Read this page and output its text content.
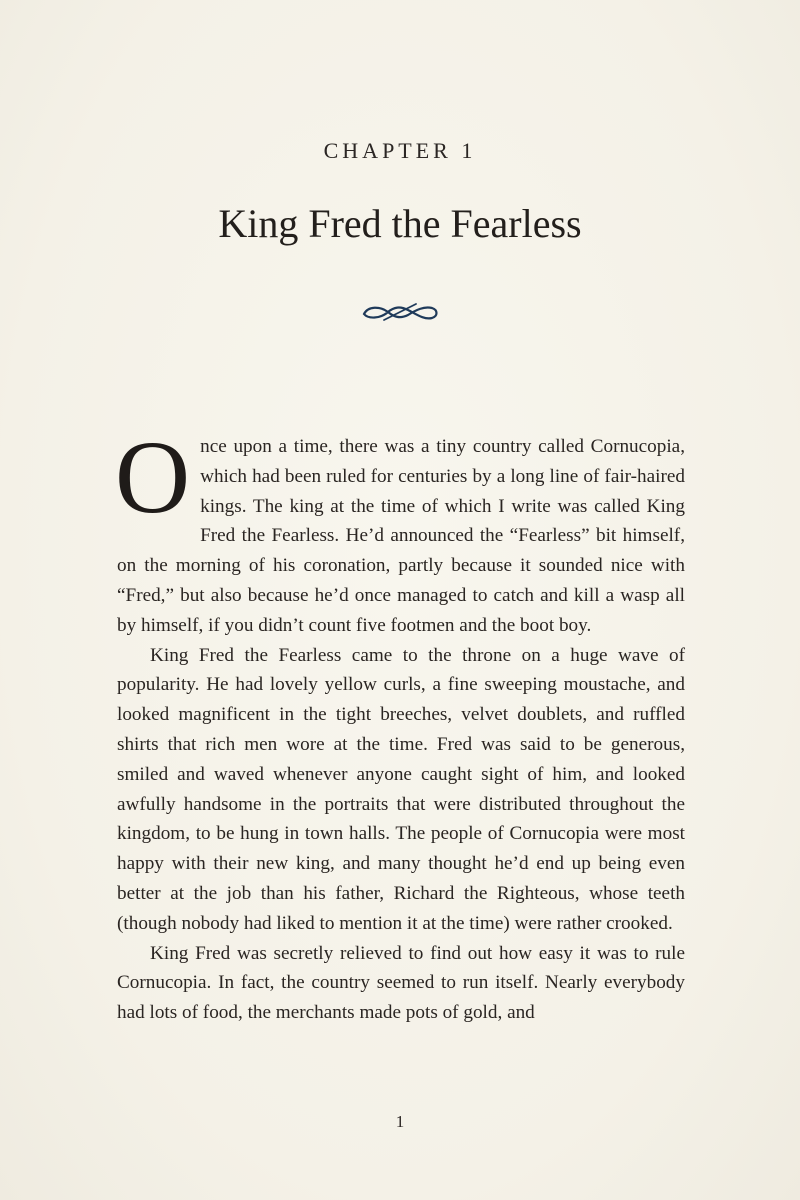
CHAPTER 1
King Fred the Fearless

Once upon a time, there was a tiny country called Cornucopia, which had been ruled for centuries by a long line of fair-haired kings. The king at the time of which I write was called King Fred the Fearless. He’d announced the “Fearless” bit himself, on the morning of his coronation, partly because it sounded nice with “Fred,” but also because he’d once managed to catch and kill a wasp all by himself, if you didn’t count five footmen and the boot boy.

King Fred the Fearless came to the throne on a huge wave of popularity. He had lovely yellow curls, a fine sweeping moustache, and looked magnificent in the tight breeches, velvet doublets, and ruffled shirts that rich men wore at the time. Fred was said to be generous, smiled and waved whenever anyone caught sight of him, and looked awfully handsome in the portraits that were distributed throughout the kingdom, to be hung in town halls. The people of Cornucopia were most happy with their new king, and many thought he’d end up being even better at the job than his father, Richard the Righteous, whose teeth (though nobody had liked to mention it at the time) were rather crooked.

King Fred was secretly relieved to find out how easy it was to rule Cornucopia. In fact, the country seemed to run itself. Nearly everybody had lots of food, the merchants made pots of gold, and

1
